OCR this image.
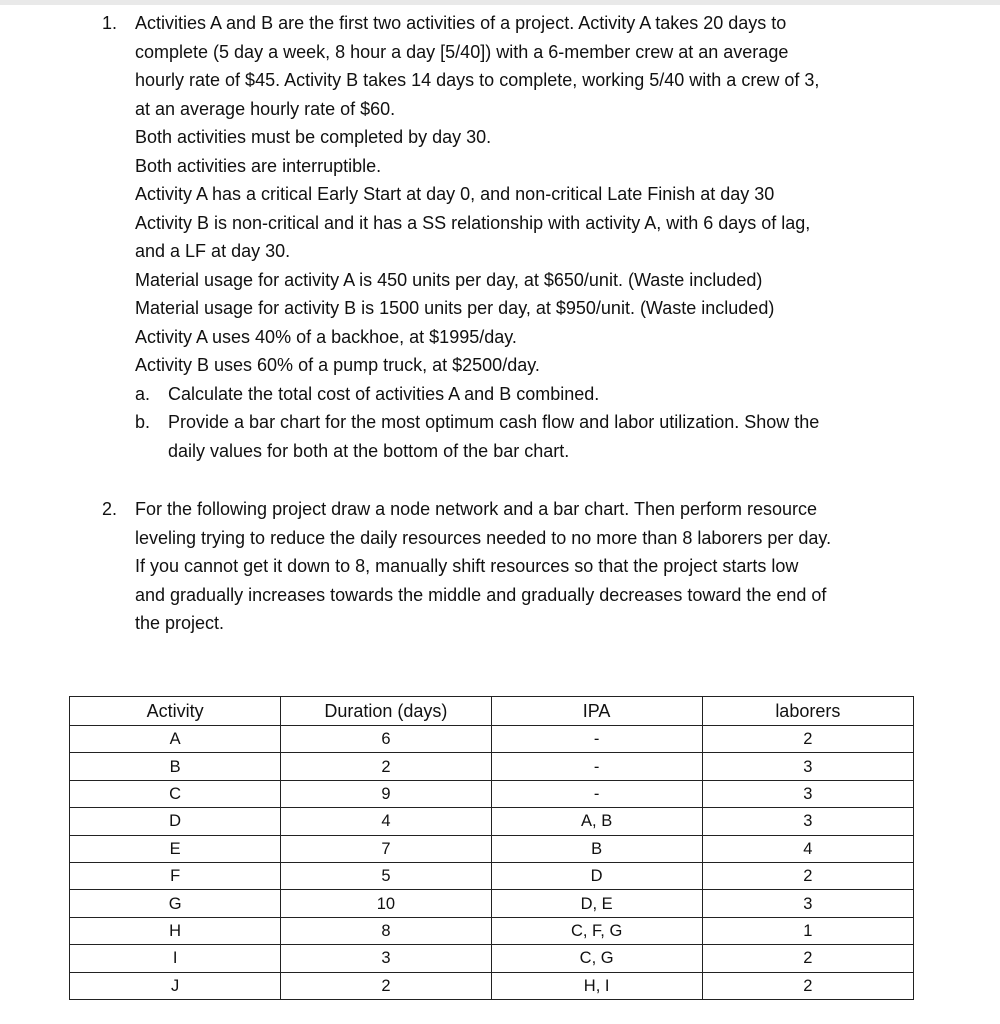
1. Activities A and B are the first two activities of a project. Activity A takes 20 days to
complete (5 day a week, 8 hour a day [5/40]) with a 6-member crew at an average
hourly rate of $45. Activity B takes 14 days to complete, working 5/40 with a crew of 3,
at an average hourly rate of $60.
Both activities must be completed by day 30.
Both activities are interruptible.
Activity A has a critical Early Start at day 0, and non-critical Late Finish at day 30
Activity B is non-critical and it has a SS relationship with activity A, with 6 days of lag,
and a LF at day 30.
Material usage for activity A is 450 units per day, at $650/unit. (Waste included)
Material usage for activity B is 1500 units per day, at $950/unit. (Waste included)
Activity A uses 40% of a backhoe, at $1995/day.
Activity B uses 60% of a pump truck, at $2500/day.
a. Calculate the total cost of activities A and B combined.
b. Provide a bar chart for the most optimum cash flow and labor utilization. Show the
daily values for both at the bottom of the bar chart.
2. For the following project draw a node network and a bar chart. Then perform resource
leveling trying to reduce the daily resources needed to no more than 8 laborers per day.
If you cannot get it down to 8, manually shift resources so that the project starts low
and gradually increases towards the middle and gradually decreases toward the end of
the project.
Activity	Duration (days)	IPA	laborers
A	6	-	2
B	2	-	3
C	9	-	3
D	4	A, B	3
E	7	B	4
F	5	D	2
G	10	D, E	3
H	8	C, F, G	1
I	3	C, G	2
J	2	H, I	2
